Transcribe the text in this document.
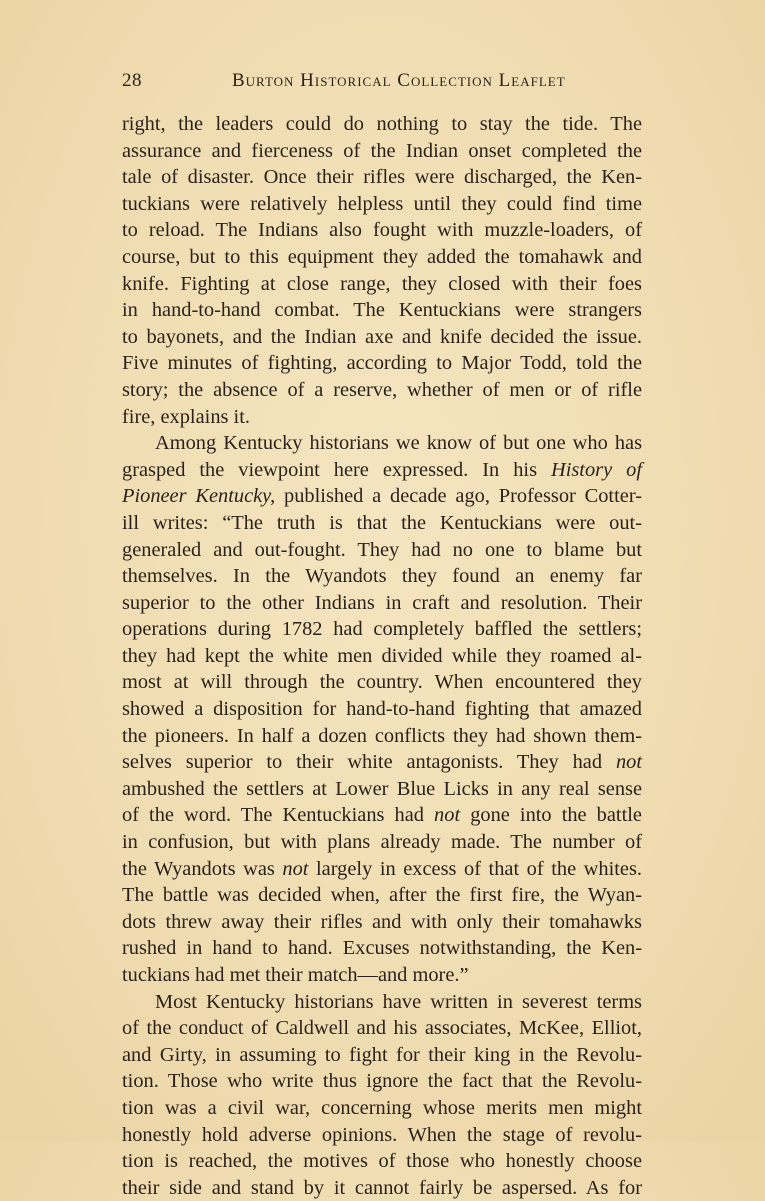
28	Burton Historical Collection Leaflet
right, the leaders could do nothing to stay the tide. The
assurance and fierceness of the Indian onset completed the
tale of disaster. Once their rifles were discharged, the Ken-
tuckians were relatively helpless until they could find time
to reload. The Indians also fought with muzzle-loaders, of
course, but to this equipment they added the tomahawk and
knife. Fighting at close range, they closed with their foes
in hand-to-hand combat. The Kentuckians were strangers
to bayonets, and the Indian axe and knife decided the issue.
Five minutes of fighting, according to Major Todd, told the
story; the absence of a reserve, whether of men or of rifle
fire, explains it.
Among Kentucky historians we know of but one who has
grasped the viewpoint here expressed. In his History of
Pioneer Kentucky, published a decade ago, Professor Cotter-
ill writes: “The truth is that the Kentuckians were out-
generaled and out-fought. They had no one to blame but
themselves. In the Wyandots they found an enemy far
superior to the other Indians in craft and resolution. Their
operations during 1782 had completely baffled the settlers;
they had kept the white men divided while they roamed al-
most at will through the country. When encountered they
showed a disposition for hand-to-hand fighting that amazed
the pioneers. In half a dozen conflicts they had shown them-
selves superior to their white antagonists. They had not
ambushed the settlers at Lower Blue Licks in any real sense
of the word. The Kentuckians had not gone into the battle
in confusion, but with plans already made. The number of
the Wyandots was not largely in excess of that of the whites.
The battle was decided when, after the first fire, the Wyan-
dots threw away their rifles and with only their tomahawks
rushed in hand to hand. Excuses notwithstanding, the Ken-
tuckians had met their match—and more.”
Most Kentucky historians have written in severest terms
of the conduct of Caldwell and his associates, McKee, Elliot,
and Girty, in assuming to fight for their king in the Revolu-
tion. Those who write thus ignore the fact that the Revolu-
tion was a civil war, concerning whose merits men might
honestly hold adverse opinions. When the stage of revolu-
tion is reached, the motives of those who honestly choose
their side and stand by it cannot fairly be aspersed. As for
